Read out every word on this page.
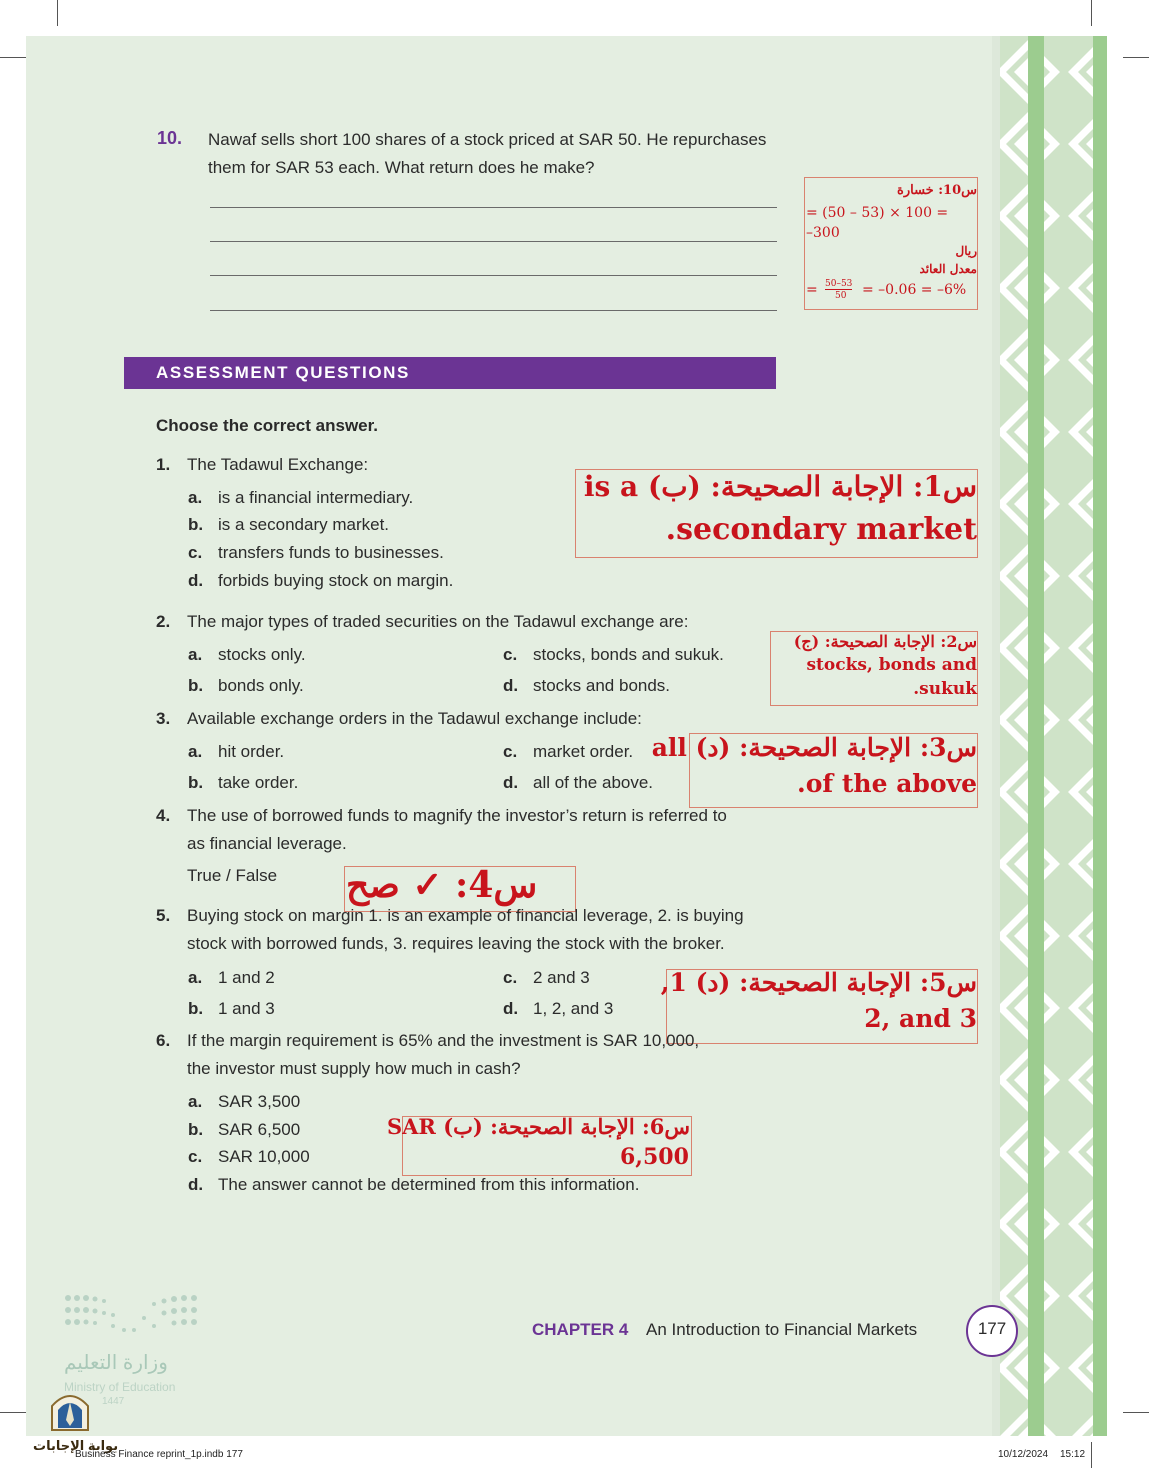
10. Nawaf sells short 100 shares of a stock priced at SAR 50. He repurchases
them for SAR 53 each. What return does he make?
س10: خسارة
= (50 – 53) × 100 =
–300
ريال
معدل العائد
= 50–53
50 = –0.06 = –6%
ASSESSMENT QUESTIONS
Choose the correct answer.
1. The Tadawul Exchange:
a. is a financial intermediary.
b. is a secondary market.
c. transfers funds to businesses.
d. forbids buying stock on margin.
س1: الإجابة الصحيحة: (ب) is a
.secondary market
2. The major types of traded securities on the Tadawul exchange are:
a. stocks only.
b. bonds only.
c. stocks, bonds and sukuk.
d. stocks and bonds.
س2: الإجابة الصحيحة: (ج)
stocks, bonds and
.sukuk
3. Available exchange orders in the Tadawul exchange include:
a. hit order.
b. take order.
c. market order.
d. all of the above.
س3: الإجابة الصحيحة: (د) all
.of the above
4. The use of borrowed funds to magnify the investor’s return is referred to
as financial leverage.
True / False س4: ✓ صح
5. Buying stock on margin 1. is an example of financial leverage, 2. is buying
stock with borrowed funds, 3. requires leaving the stock with the broker.
a. 1 and 2
b. 1 and 3
c. 2 and 3
d. 1, 2, and 3
س5: الإجابة الصحيحة: (د) 1,
2, and 3
6. If the margin requirement is 65% and the investment is SAR 10,000,
the investor must supply how much in cash?
a. SAR 3,500
b. SAR 6,500
c. SAR 10,000
d. The answer cannot be determined from this information.
س6: الإجابة الصحيحة: (ب) SAR
6,500
وزارة التعليم
Ministry of Education
1447
بوابة الإجابات
CHAPTER 4 An Introduction to Financial Markets	177
Business Finance reprint_1p.indb 177	10/12/2024 15:12
